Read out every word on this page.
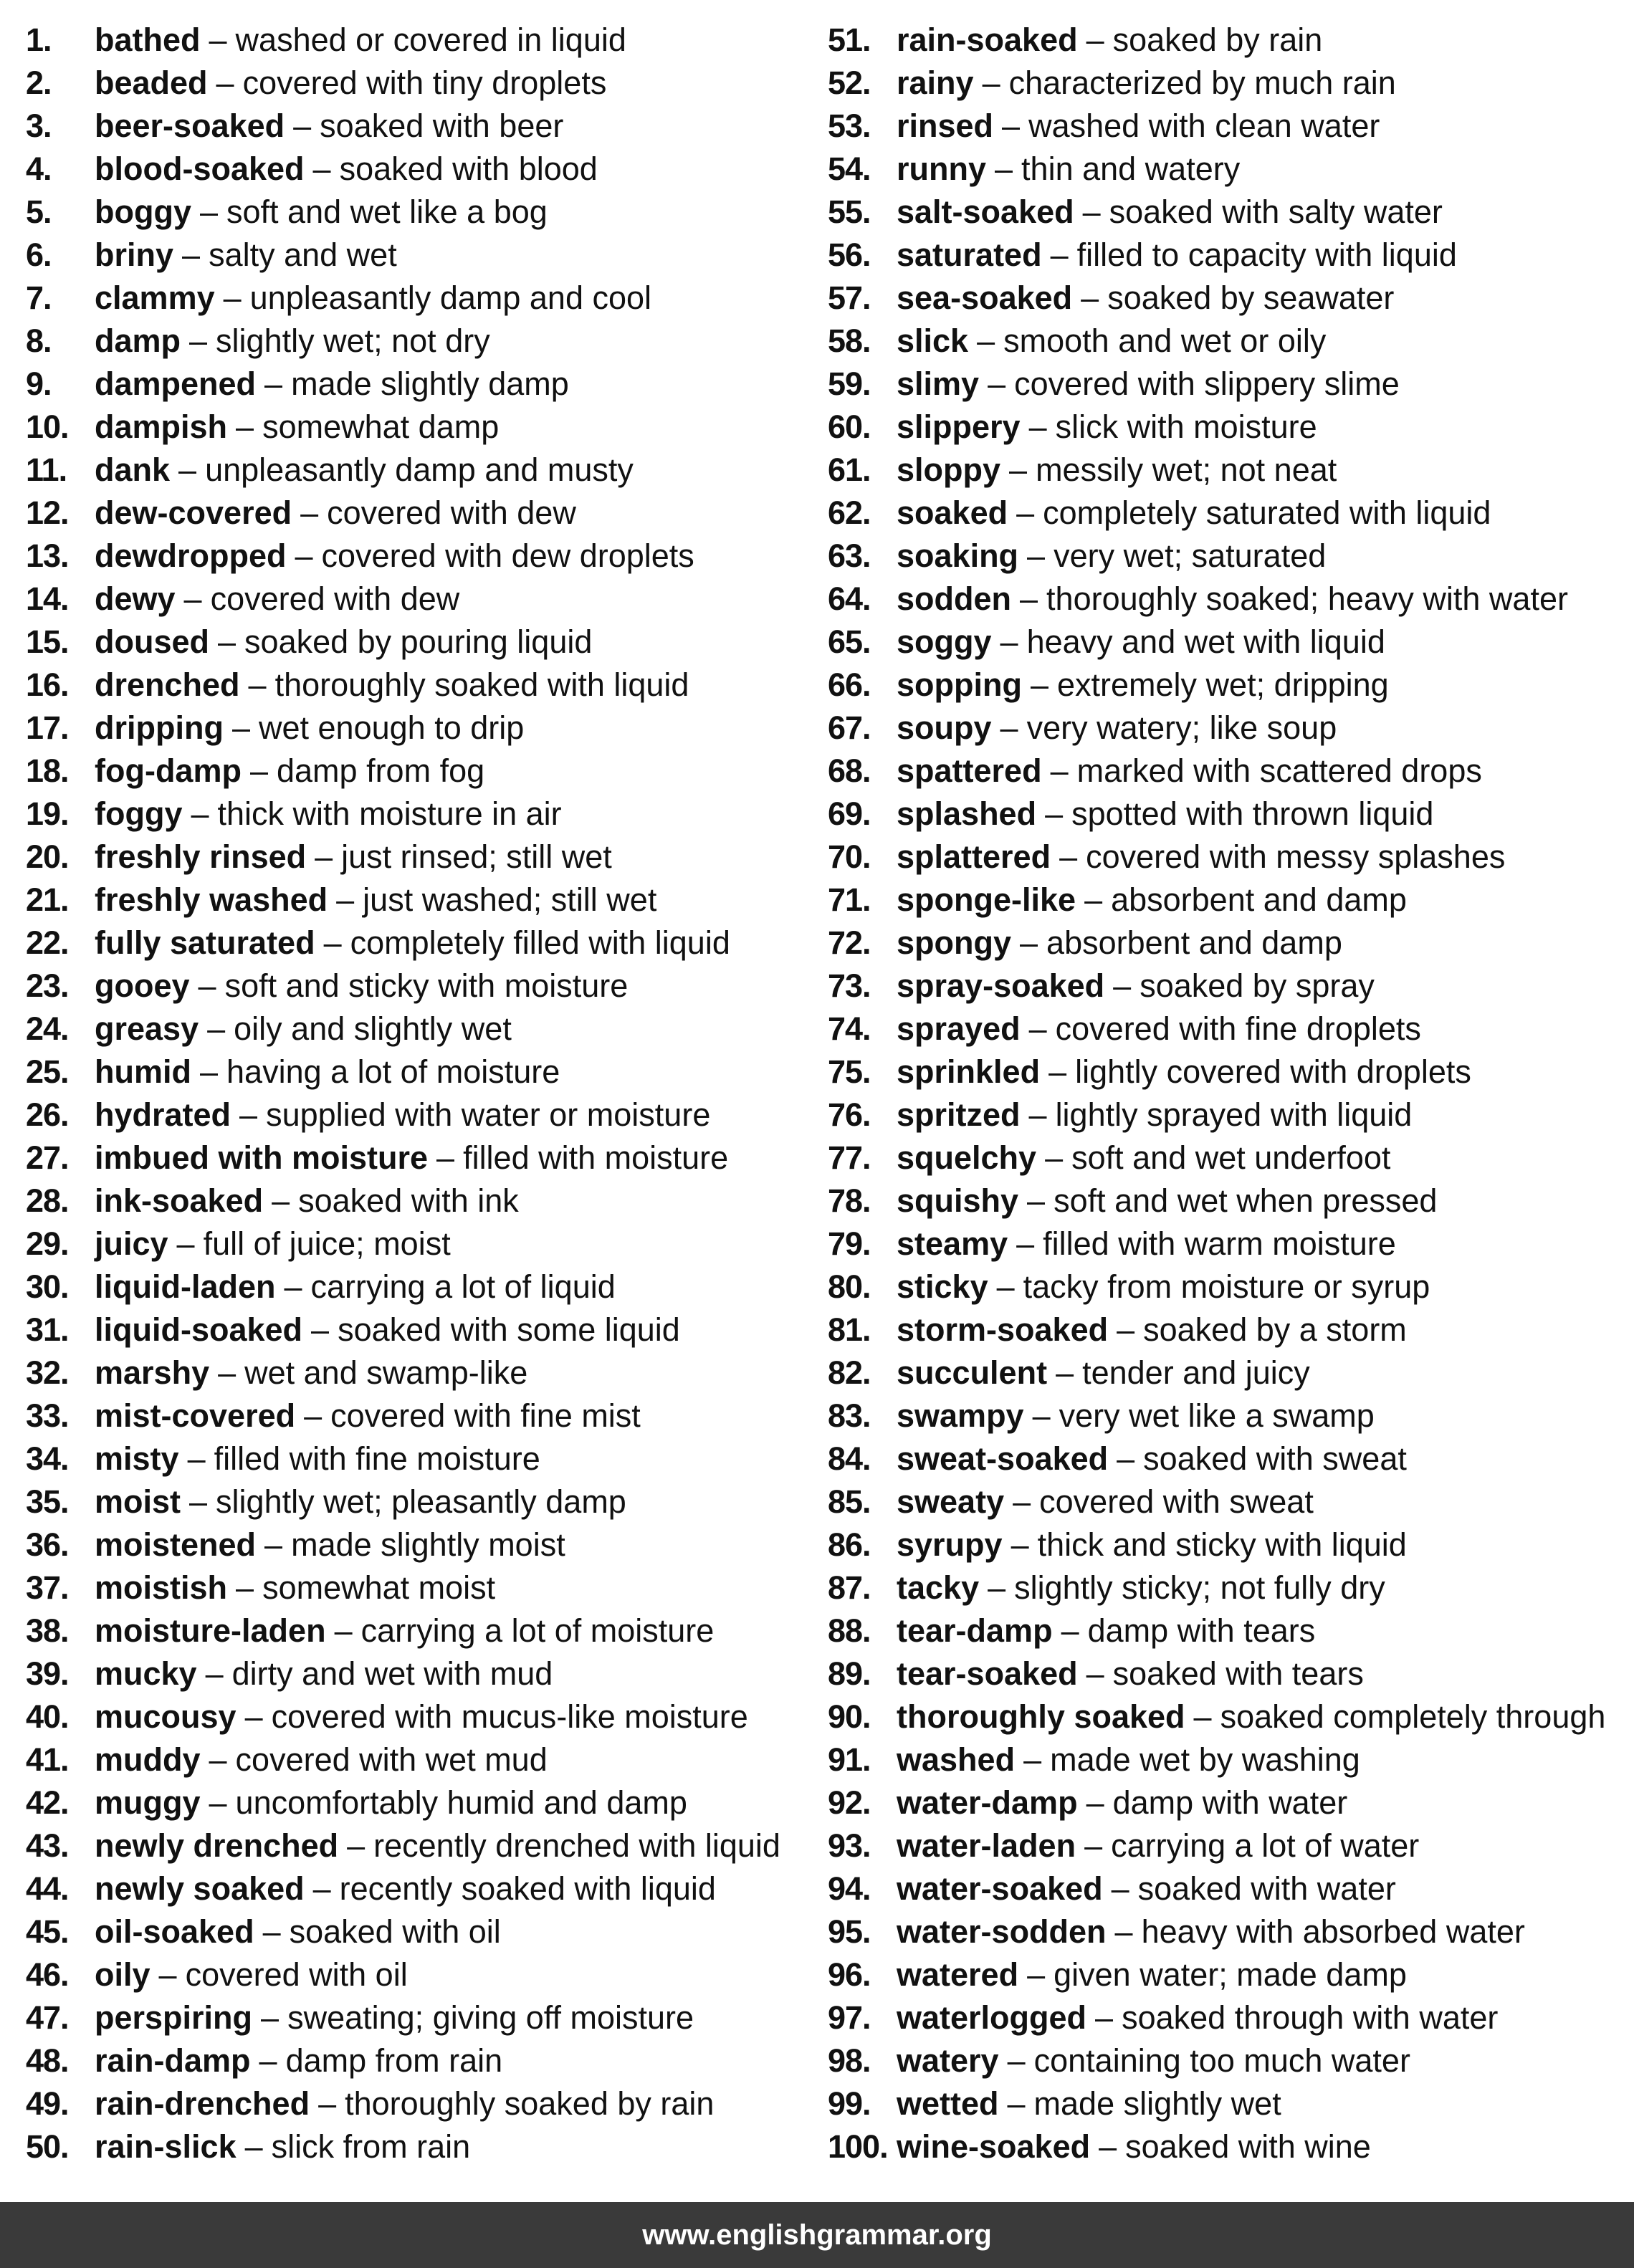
1.	bathed – washed or covered in liquid
2.	beaded – covered with tiny droplets
3.	beer-soaked – soaked with beer
4.	blood-soaked – soaked with blood
5.	boggy – soft and wet like a bog
6.	briny – salty and wet
7.	clammy – unpleasantly damp and cool
8.	damp – slightly wet; not dry
9.	dampened – made slightly damp
10. dampish – somewhat damp
11. dank – unpleasantly damp and musty
12. dew-covered – covered with dew
13. dewdropped – covered with dew droplets
14. dewy – covered with dew
15. doused – soaked by pouring liquid
16. drenched – thoroughly soaked with liquid
17. dripping – wet enough to drip
18. fog-damp – damp from fog
19. foggy – thick with moisture in air
20. freshly rinsed – just rinsed; still wet
21. freshly washed – just washed; still wet
22. fully saturated – completely filled with liquid
23. gooey – soft and sticky with moisture
24. greasy – oily and slightly wet
25. humid – having a lot of moisture
26. hydrated – supplied with water or moisture
27. imbued with moisture – filled with moisture
28. ink-soaked – soaked with ink
29. juicy – full of juice; moist
30. liquid-laden – carrying a lot of liquid
31. liquid-soaked – soaked with some liquid
32. marshy – wet and swamp-like
33. mist-covered – covered with fine mist
34. misty – filled with fine moisture
35. moist – slightly wet; pleasantly damp
36. moistened – made slightly moist
37. moistish – somewhat moist
38. moisture-laden – carrying a lot of moisture
39. mucky – dirty and wet with mud
40. mucousy – covered with mucus-like moisture
41. muddy – covered with wet mud
42. muggy – uncomfortably humid and damp
43. newly drenched – recently drenched with liquid
44. newly soaked – recently soaked with liquid
45. oil-soaked – soaked with oil
46. oily – covered with oil
47. perspiring – sweating; giving off moisture
48. rain-damp – damp from rain
49. rain-drenched – thoroughly soaked by rain
50. rain-slick – slick from rain
51. rain-soaked – soaked by rain
52. rainy – characterized by much rain
53. rinsed – washed with clean water
54. runny – thin and watery
55. salt-soaked – soaked with salty water
56. saturated – filled to capacity with liquid
57. sea-soaked – soaked by seawater
58. slick – smooth and wet or oily
59. slimy – covered with slippery slime
60. slippery – slick with moisture
61. sloppy – messily wet; not neat
62. soaked – completely saturated with liquid
63. soaking – very wet; saturated
64. sodden – thoroughly soaked; heavy with water
65. soggy – heavy and wet with liquid
66. sopping – extremely wet; dripping
67. soupy – very watery; like soup
68. spattered – marked with scattered drops
69. splashed – spotted with thrown liquid
70. splattered – covered with messy splashes
71. sponge-like – absorbent and damp
72. spongy – absorbent and damp
73. spray-soaked – soaked by spray
74. sprayed – covered with fine droplets
75. sprinkled – lightly covered with droplets
76. spritzed – lightly sprayed with liquid
77. squelchy – soft and wet underfoot
78. squishy – soft and wet when pressed
79. steamy – filled with warm moisture
80. sticky – tacky from moisture or syrup
81. storm-soaked – soaked by a storm
82. succulent – tender and juicy
83. swampy – very wet like a swamp
84. sweat-soaked – soaked with sweat
85. sweaty – covered with sweat
86. syrupy – thick and sticky with liquid
87. tacky – slightly sticky; not fully dry
88. tear-damp – damp with tears
89. tear-soaked – soaked with tears
90. thoroughly soaked – soaked completely through
91. washed – made wet by washing
92. water-damp – damp with water
93. water-laden – carrying a lot of water
94. water-soaked – soaked with water
95. water-sodden – heavy with absorbed water
96. watered – given water; made damp
97. waterlogged – soaked through with water
98. watery – containing too much water
99. wetted – made slightly wet
100. wine-soaked – soaked with wine
www.englishgrammar.org
